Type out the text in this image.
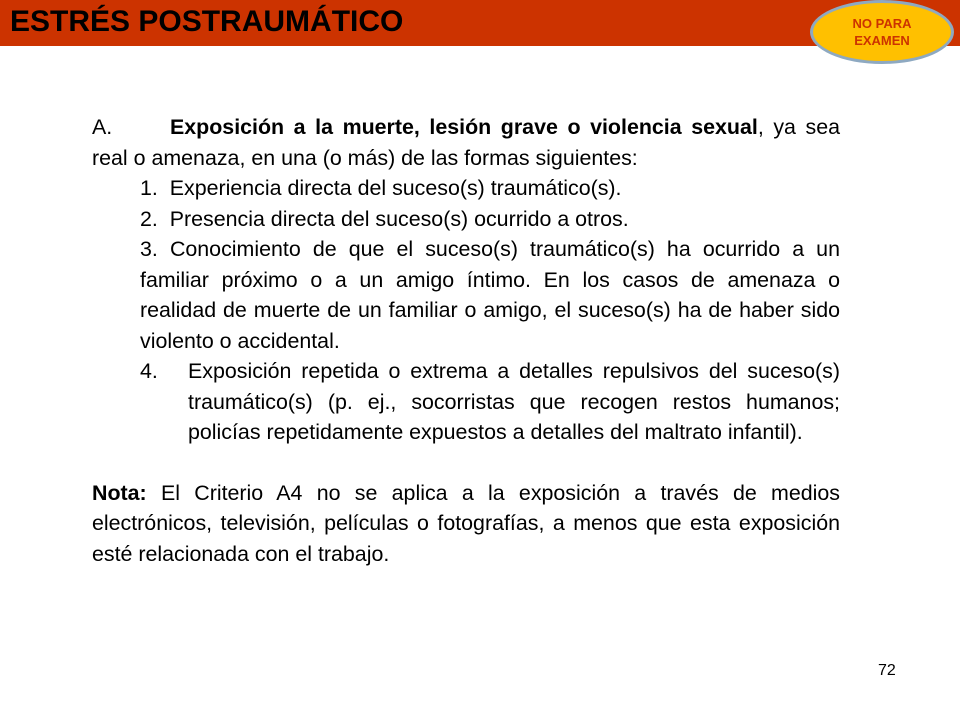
ESTRÉS POSTRAUMÁTICO	NO PARA
EXAMEN

A.	Exposición a la muerte, lesión grave o violencia sexual, ya sea real o amenaza, en una (o más) de las formas siguientes:

1. Experiencia directa del suceso(s) traumático(s).
2. Presencia directa del suceso(s) ocurrido a otros.
3. Conocimiento de que el suceso(s) traumático(s) ha ocurrido a un familiar próximo o a un amigo íntimo. En los casos de amenaza o realidad de muerte de un familiar o amigo, el suceso(s) ha de haber sido violento o accidental.
4. Exposición repetida o extrema a detalles repulsivos del suceso(s) traumático(s) (p. ej., socorristas que recogen restos humanos; policías repetidamente expuestos a detalles del maltrato infantil).

Nota: El Criterio A4 no se aplica a la exposición a través de medios electrónicos, televisión, películas o fotografías, a menos que esta exposición esté relacionada con el trabajo.

72
